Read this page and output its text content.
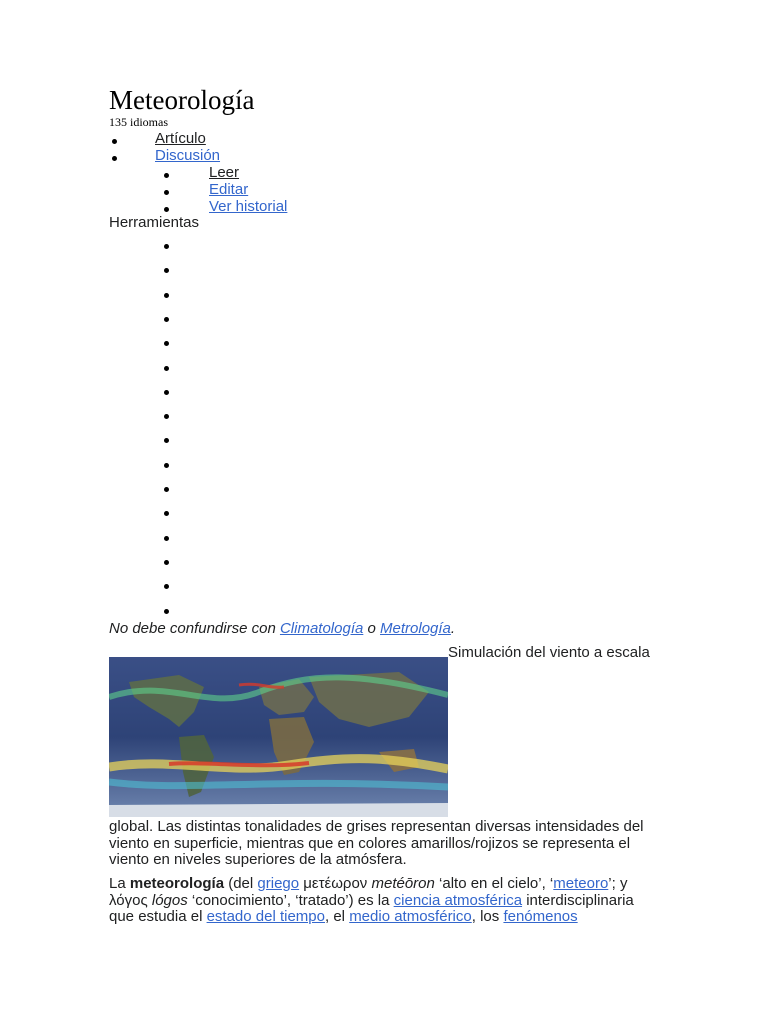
Meteorología
135 idiomas
Artículo
Discusión
Leer
Editar
Ver historial
Herramientas
No debe confundirse con Climatología o Metrología.
Simulación del viento a escala
global. Las distintas tonalidades de grises representan diversas intensidades del viento en superficie, mientras que en colores amarillos/rojizos se representa el viento en niveles superiores de la atmósfera.
La meteorología (del griego μετέωρον metéōron ‘alto en el cielo’, ‘meteoro’; y λόγος lógos ‘conocimiento’, ‘tratado’) es la ciencia atmosférica interdisciplinaria que estudia el estado del tiempo, el medio atmosférico, los fenómenos
